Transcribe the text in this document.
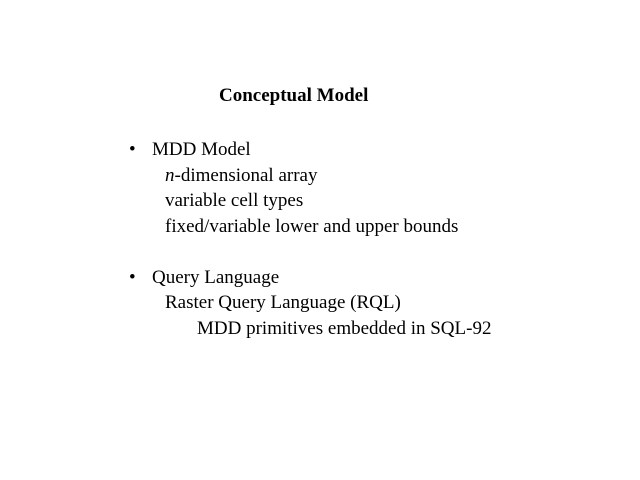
Conceptual Model
• MDD Model
n-dimensional array
variable cell types
fixed/variable lower and upper bounds
• Query Language
Raster Query Language (RQL)
MDD primitives embedded in SQL-92
